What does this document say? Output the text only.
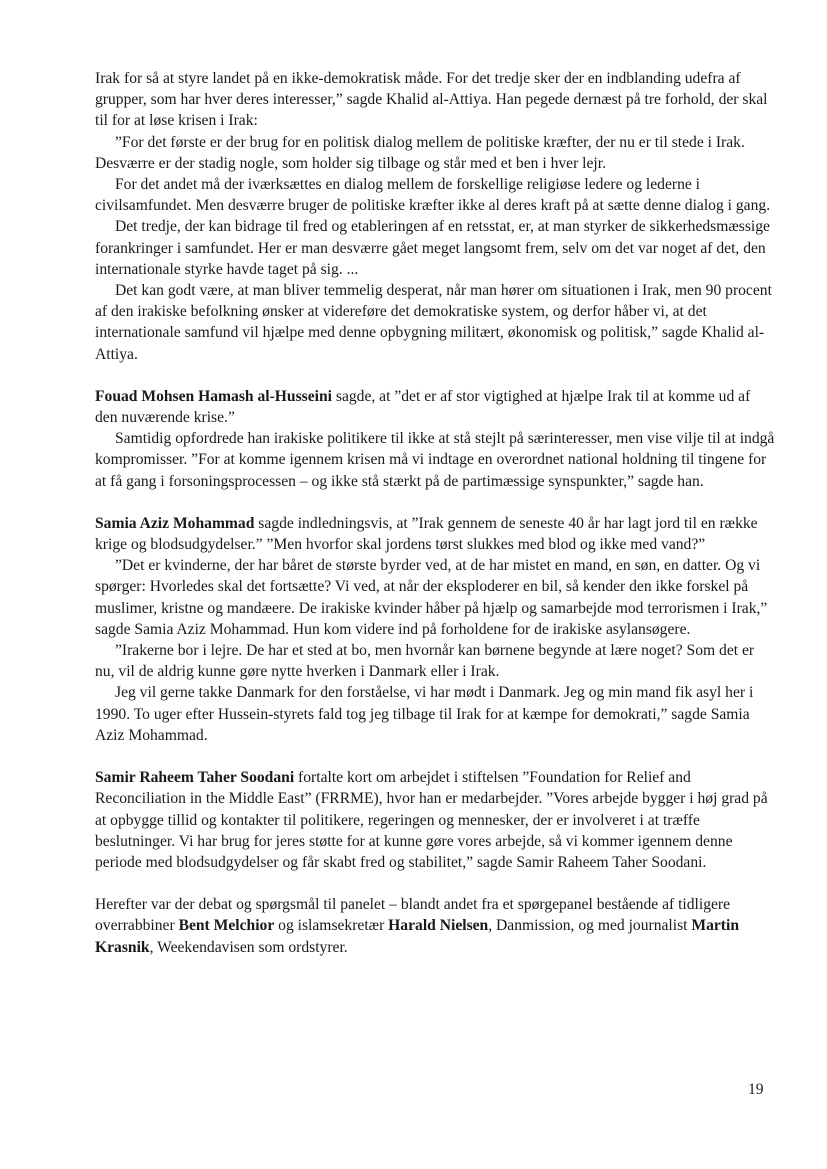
Irak for så at styre landet på en ikke-demokratisk måde. For det tredje sker der en indblanding udefra af grupper, som har hver deres interesser,” sagde Khalid al-Attiya. Han pegede dernæst på tre forhold, der skal til for at løse krisen i Irak:

”For det første er der brug for en politisk dialog mellem de politiske kræfter, der nu er til stede i Irak. Desværre er der stadig nogle, som holder sig tilbage og står med et ben i hver lejr.

For det andet må der iværksættes en dialog mellem de forskellige religiøse ledere og lederne i civilsamfundet. Men desværre bruger de politiske kræfter ikke al deres kraft på at sætte denne dialog i gang.

Det tredje, der kan bidrage til fred og etableringen af en retsstat, er, at man styrker de sikkerhedsmæssige forankringer i samfundet. Her er man desværre gået meget langsomt frem, selv om det var noget af det, den internationale styrke havde taget på sig. ...

Det kan godt være, at man bliver temmelig desperat, når man hører om situationen i Irak, men 90 procent af den irakiske befolkning ønsker at videreføre det demokratiske system, og derfor håber vi, at det internationale samfund vil hjælpe med denne opbygning militært, økonomisk og politisk,” sagde Khalid al-Attiya.

Fouad Mohsen Hamash al-Husseini sagde, at ”det er af stor vigtighed at hjælpe Irak til at komme ud af den nuværende krise.”

Samtidig opfordrede han irakiske politikere til ikke at stå stejlt på særinteresser, men vise vilje til at indgå kompromisser. ”For at komme igennem krisen må vi indtage en overordnet national holdning til tingene for at få gang i forsoningsprocessen – og ikke stå stærkt på de partimæssige synspunkter,” sagde han.

Samia Aziz Mohammad sagde indledningsvis, at ”Irak gennem de seneste 40 år har lagt jord til en række krige og blodsudgydelser.” ”Men hvorfor skal jordens tørst slukkes med blod og ikke med vand?”

”Det er kvinderne, der har båret de største byrder ved, at de har mistet en mand, en søn, en datter. Og vi spørger: Hvorledes skal det fortsætte? Vi ved, at når der eksploderer en bil, så kender den ikke forskel på muslimer, kristne og mandæere. De irakiske kvinder håber på hjælp og samarbejde mod terrorismen i Irak,” sagde Samia Aziz Mohammad. Hun kom videre ind på forholdene for de irakiske asylansøgere.

”Irakerne bor i lejre. De har et sted at bo, men hvornår kan børnene begynde at lære noget? Som det er nu, vil de aldrig kunne gøre nytte hverken i Danmark eller i Irak.

Jeg vil gerne takke Danmark for den forståelse, vi har mødt i Danmark. Jeg og min mand fik asyl her i 1990. To uger efter Hussein-styrets fald tog jeg tilbage til Irak for at kæmpe for demokrati,” sagde Samia Aziz Mohammad.

Samir Raheem Taher Soodani fortalte kort om arbejdet i stiftelsen ”Foundation for Relief and Reconciliation in the Middle East” (FRRME), hvor han er medarbejder. ”Vores arbejde bygger i høj grad på at opbygge tillid og kontakter til politikere, regeringen og mennesker, der er involveret i at træffe beslutninger. Vi har brug for jeres støtte for at kunne gøre vores arbejde, så vi kommer igennem denne periode med blodsudgydelser og får skabt fred og stabilitet,” sagde Samir Raheem Taher Soodani.

Herefter var der debat og spørgsmål til panelet – blandt andet fra et spørgepanel bestående af tidligere overrabbiner Bent Melchior og islamsekretær Harald Nielsen, Danmission, og med journalist Martin Krasnik, Weekendavisen som ordstyrer.

19
